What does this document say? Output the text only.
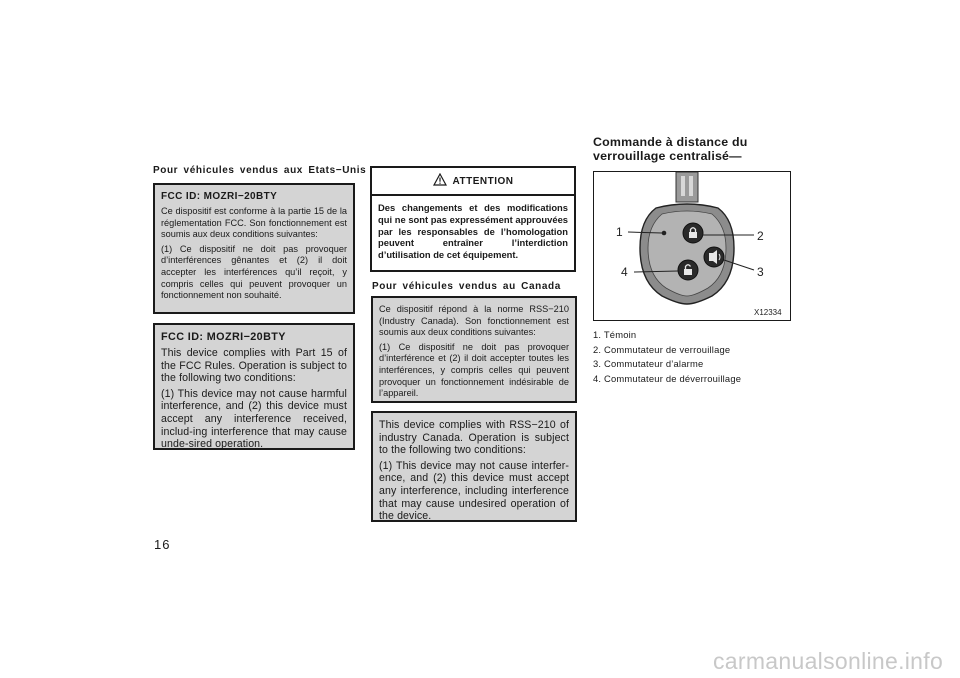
Pour véhicules vendus aux Etats−Unis
FCC ID: MOZRI−20BTY

Ce dispositif est conforme à la partie 15 de la réglementation FCC. Son fonctionnement est soumis aux deux conditions suivantes:

(1) Ce dispositif ne doit pas provoquer d’interférences gênantes et (2) il doit accepter les interférences qu’il reçoit, y compris celles qui peuvent provoquer un fonctionnement non souhaité.

FCC ID: MOZRI−20BTY

This device complies with Part 15 of the FCC Rules. Operation is subject to the following two conditions:

(1) This device may not cause harmful interference, and (2) this device must accept any interference received, includ-ing interference that may cause unde-sired operation.

ATTENTION
Des changements et des modifications qui ne sont pas expressément approuvées par les responsables de l’homologation peuvent entraîner l’interdiction d’utilisation de cet équipement.
Pour véhicules vendus au Canada

Ce dispositif répond à la norme RSS−210 (Industry Canada). Son fonctionnement est soumis aux deux conditions suivantes:

(1) Ce dispositif ne doit pas provoquer d’interférence et (2) il doit accepter toutes les interférences, y compris celles qui peuvent provoquer un fonctionnement indésirable de l’appareil.

This device complies with RSS−210 of industry Canada. Operation is subject to the following two conditions:

(1) This device may not cause interfer-ence, and (2) this device must accept any interference, including interference that may cause undesired operation of the device.

Commande à distance du
verrouillage centralisé—
1	2
3
4
X12334
1. Témoin
2. Commutateur de verrouillage
3. Commutateur d’alarme
4. Commutateur de déverrouillage
16
carmanualsonline.info
